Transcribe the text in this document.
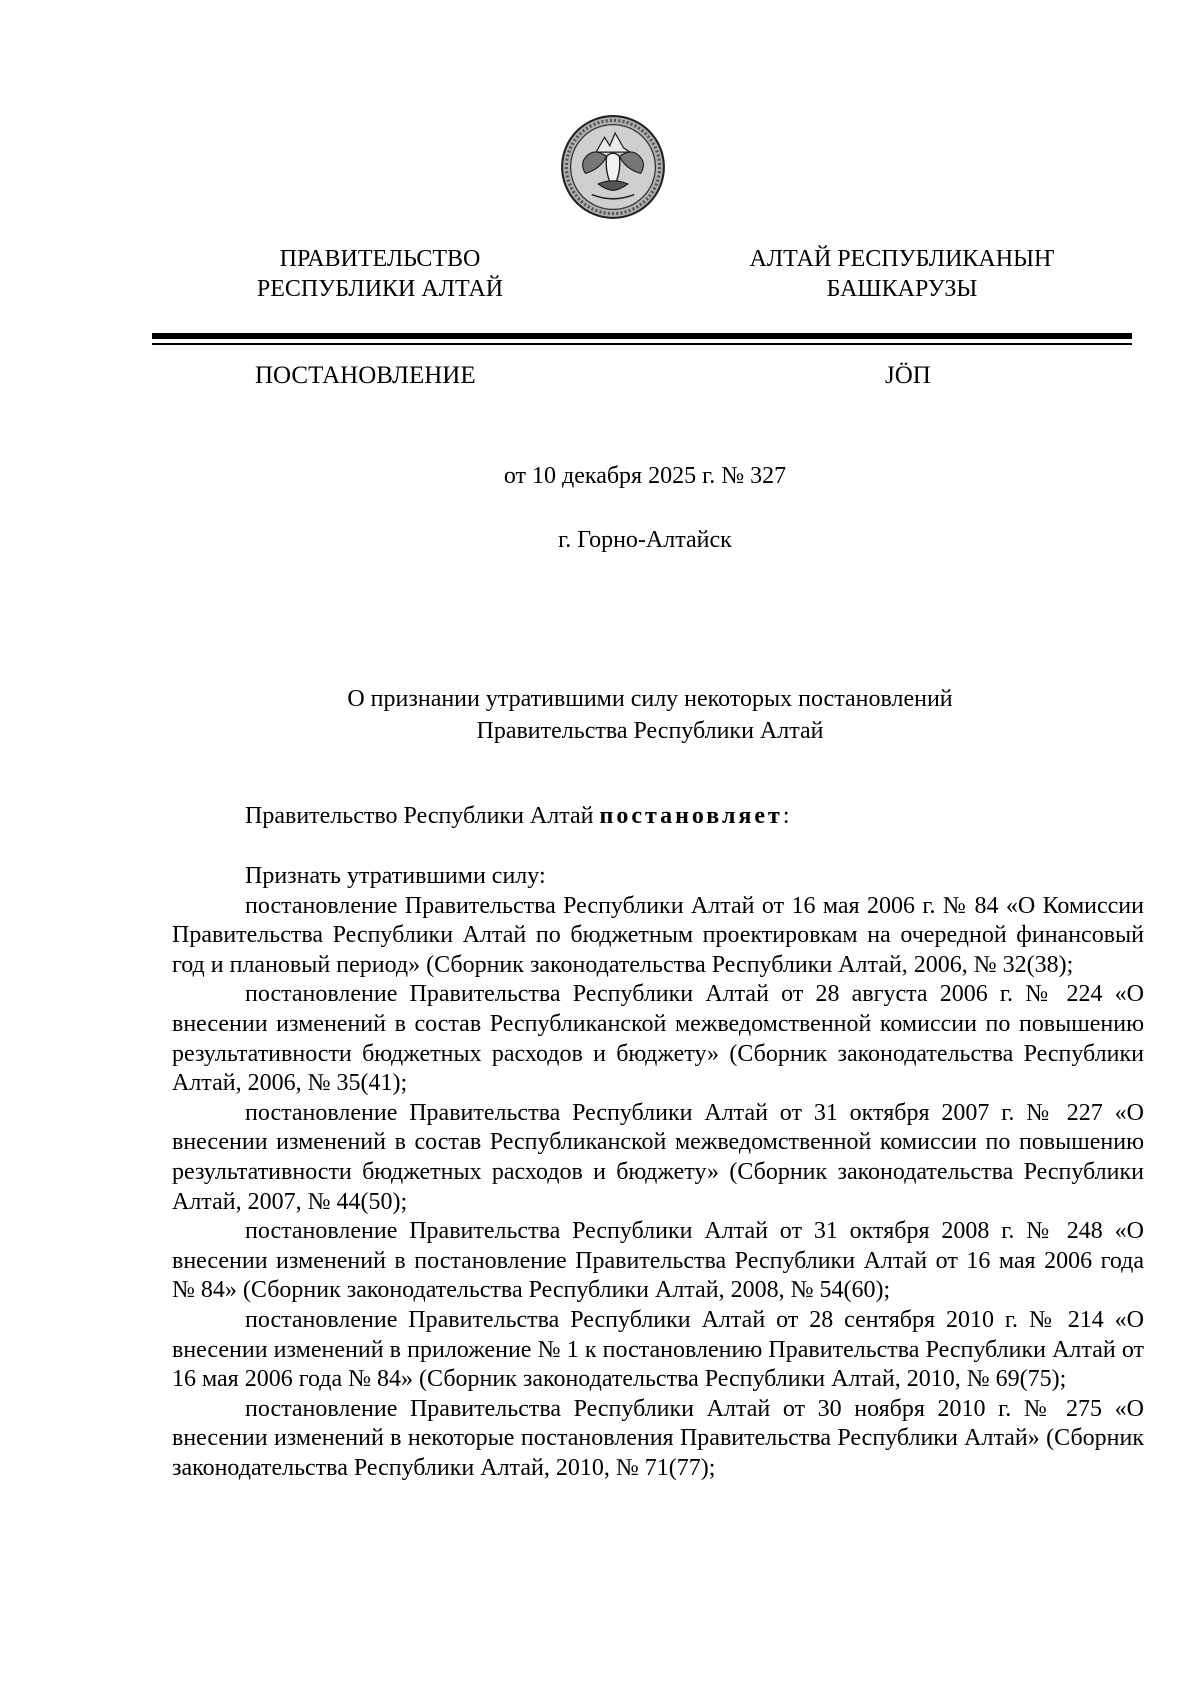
ПРАВИТЕЛЬСТВО
РЕСПУБЛИКИ АЛТАЙ
АЛТАЙ РЕСПУБЛИКАНЫҤ
БАШКАРУЗЫ
ПОСТАНОВЛЕНИЕ	JӦП
от 10 декабря 2025 г. № 327
г. Горно-Алтайск
О признании утратившими силу некоторых постановлений
Правительства Республики Алтай
Правительство Республики Алтай постановляет:

Признать утратившими силу:

постановление Правительства Республики Алтай от 16 мая 2006 г. № 84 «О Комиссии Правительства Республики Алтай по бюджетным проектировкам на очередной финансовый год и плановый период» (Сборник законодательства Республики Алтай, 2006, № 32(38);

постановление Правительства Республики Алтай от 28 августа 2006 г. № 224 «О внесении изменений в состав Республиканской межведомственной комиссии по повышению результативности бюджетных расходов и бюджету» (Сборник законодательства Республики Алтай, 2006, № 35(41);

постановление Правительства Республики Алтай от 31 октября 2007 г. № 227 «О внесении изменений в состав Республиканской межведомственной комиссии по повышению результативности бюджетных расходов и бюджету» (Сборник законодательства Республики Алтай, 2007, № 44(50);

постановление Правительства Республики Алтай от 31 октября 2008 г. № 248 «О внесении изменений в постановление Правительства Республики Алтай от 16 мая 2006 года № 84» (Сборник законодательства Республики Алтай, 2008, № 54(60);

постановление Правительства Республики Алтай от 28 сентября 2010 г. № 214 «О внесении изменений в приложение № 1 к постановлению Правительства Республики Алтай от 16 мая 2006 года № 84» (Сборник законодательства Республики Алтай, 2010, № 69(75);

постановление Правительства Республики Алтай от 30 ноября 2010 г. № 275 «О внесении изменений в некоторые постановления Правительства Республики Алтай» (Сборник законодательства Республики Алтай, 2010, № 71(77);
